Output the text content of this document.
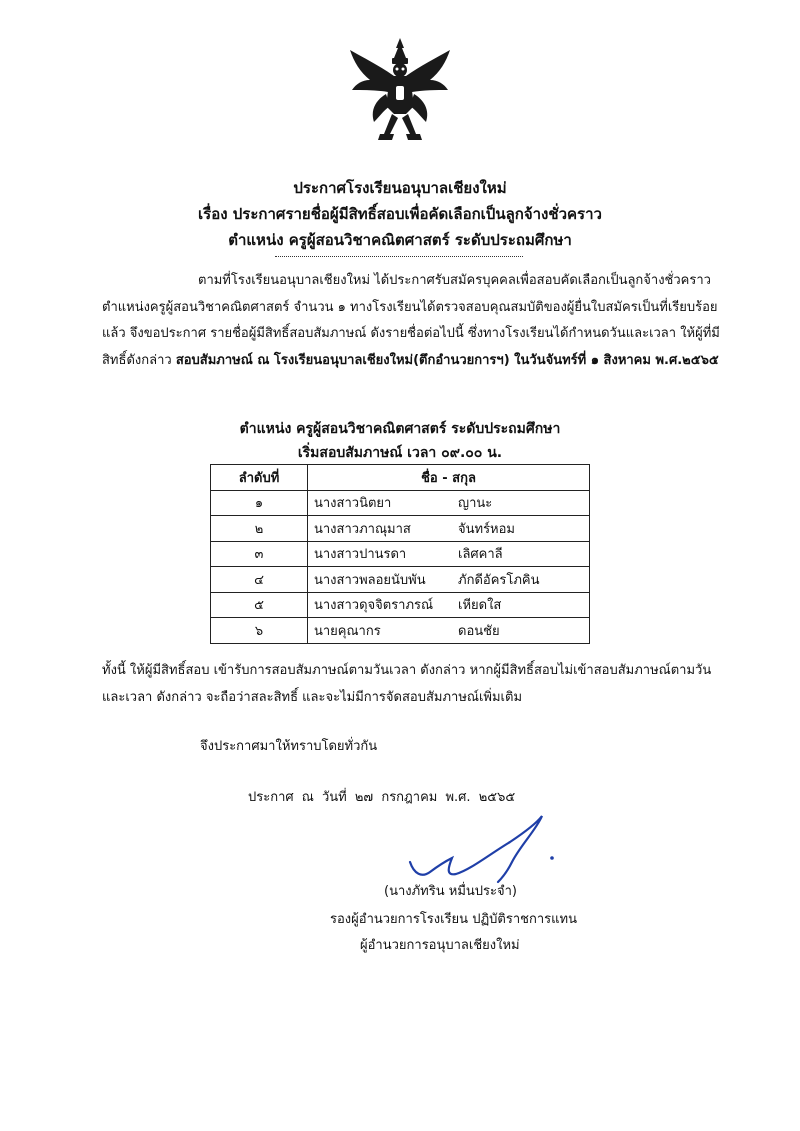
ประกาศโรงเรียนอนุบาลเชียงใหม่
เรื่อง ประกาศรายชื่อผู้มีสิทธิ์สอบเพื่อคัดเลือกเป็นลูกจ้างชั่วคราว
ตำแหน่ง ครูผู้สอนวิชาคณิตศาสตร์ ระดับประถมศึกษา

ตามที่โรงเรียนอนุบาลเชียงใหม่ ได้ประกาศรับสมัครบุคคลเพื่อสอบคัดเลือกเป็นลูกจ้างชั่วคราว ตำแหน่งครูผู้สอนวิชาคณิตศาสตร์ จำนวน ๑ ทางโรงเรียนได้ตรวจสอบคุณสมบัติของผู้ยื่นใบสมัครเป็นที่เรียบร้อยแล้ว จึงขอประกาศ รายชื่อผู้มีสิทธิ์สอบสัมภาษณ์ ดังรายชื่อต่อไปนี้ ซึ่งทางโรงเรียนได้กำหนดวันและเวลา ให้ผู้ที่มีสิทธิ์ดังกล่าว สอบสัมภาษณ์ ณ โรงเรียนอนุบาลเชียงใหม่(ตึกอำนวยการฯ) ในวันจันทร์ที่ ๑ สิงหาคม พ.ศ.๒๕๖๕

ตำแหน่ง ครูผู้สอนวิชาคณิตศาสตร์ ระดับประถมศึกษา
เริ่มสอบสัมภาษณ์ เวลา ๐๙.๐๐ น.
ลำดับที่	ชื่อ - สกุล	
๑	นางสาวนิตยา	ญานะ
๒	นางสาวภาณุมาส	จันทร์หอม
๓	นางสาวปานรดา	เลิศคาลี
๔	นางสาวพลอยนับพัน	ภักดีอัครโภคิน
๕	นางสาวดุจจิตราภรณ์	เหียดใส
๖	นายคุณากร	ดอนชัย

ทั้งนี้ ให้ผู้มีสิทธิ์สอบ เข้ารับการสอบสัมภาษณ์ตามวันเวลา ดังกล่าว หากผู้มีสิทธิ์สอบไม่เข้าสอบสัมภาษณ์ตามวันและเวลา ดังกล่าว จะถือว่าสละสิทธิ์ และจะไม่มีการจัดสอบสัมภาษณ์เพิ่มเติม

จึงประกาศมาให้ทราบโดยทั่วกัน

ประกาศ ณ วันที่ ๒๗ กรกฎาคม พ.ศ. ๒๕๖๕
(นางภัทริน หมื่นประจำ)
รองผู้อำนวยการโรงเรียน ปฏิบัติราชการแทน
ผู้อำนวยการอนุบาลเชียงใหม่
